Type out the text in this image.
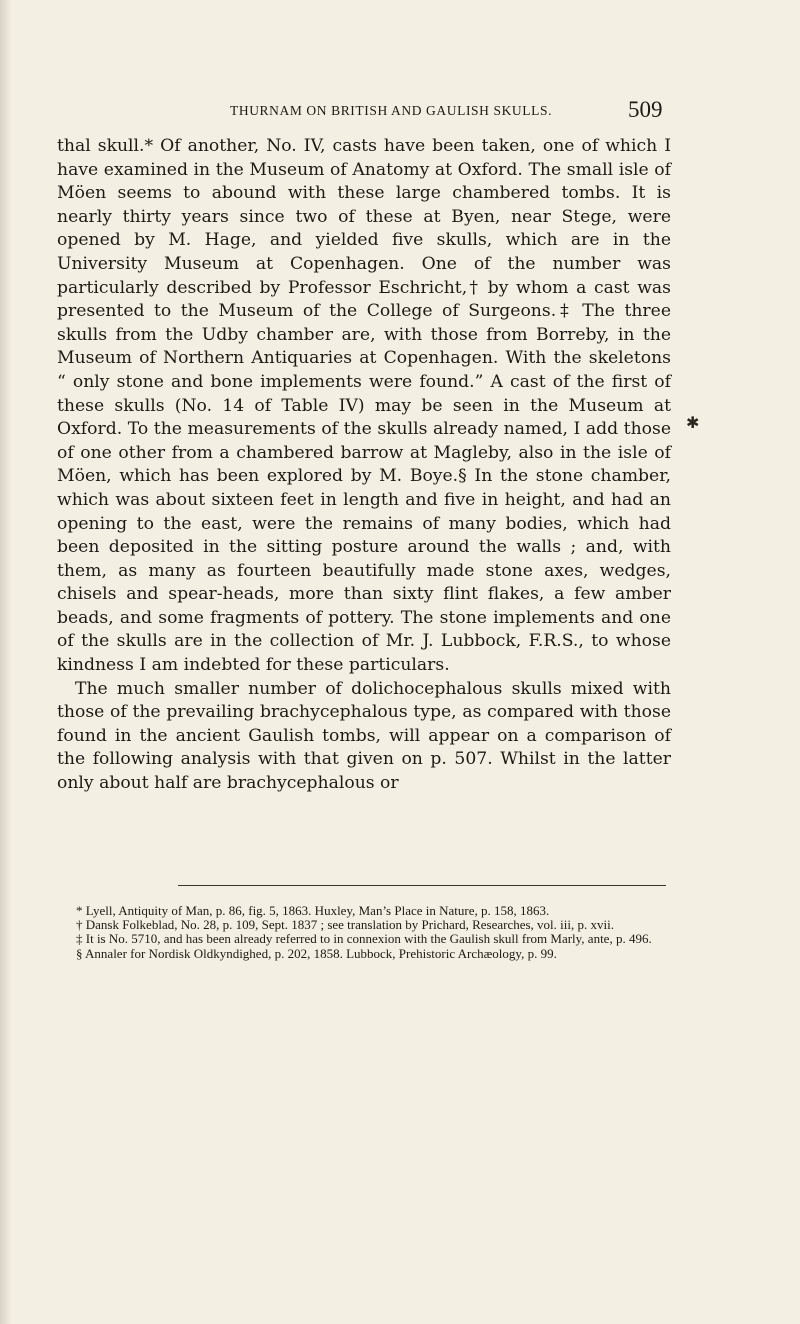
THURNAM ON BRITISH AND GAULISH SKULLS.	509
✱

thal skull.* Of another, No. IV, casts have been taken, one of which I have examined in the Museum of Anatomy at Oxford. The small isle of Möen seems to abound with these large chambered tombs. It is nearly thirty years since two of these at Byen, near Stege, were opened by M. Hage, and yielded five skulls, which are in the University Museum at Copenhagen. One of the number was particularly described by Professor Eschricht,† by whom a cast was presented to the Museum of the College of Surgeons.‡ The three skulls from the Udby chamber are, with those from Borreby, in the Museum of Northern Antiquaries at Copenhagen. With the skeletons “ only stone and bone implements were found.” A cast of the first of these skulls (No. 14 of Table IV) may be seen in the Museum at Oxford. To the measurements of the skulls already named, I add those of one other from a chambered barrow at Magleby, also in the isle of Möen, which has been explored by M. Boye.§ In the stone chamber, which was about sixteen feet in length and five in height, and had an opening to the east, were the remains of many bodies, which had been deposited in the sitting posture around the walls ; and, with them, as many as fourteen beautifully made stone axes, wedges, chisels and spear-heads, more than sixty flint flakes, a few amber beads, and some fragments of pottery. The stone implements and one of the skulls are in the collection of Mr. J. Lubbock, F.R.S., to whose kindness I am indebted for these particulars.

The much smaller number of dolichocephalous skulls mixed with those of the prevailing brachycephalous type, as compared with those found in the ancient Gaulish tombs, will appear on a comparison of the following analysis with that given on p. 507. Whilst in the latter only about half are brachycephalous or

* Lyell, Antiquity of Man, p. 86, fig. 5, 1863. Huxley, Man’s Place in Nature, p. 158, 1863.

† Dansk Folkeblad, No. 28, p. 109, Sept. 1837 ; see translation by Prichard, Researches, vol. iii, p. xvii.

‡ It is No. 5710, and has been already referred to in connexion with the Gaulish skull from Marly, ante, p. 496.

§ Annaler for Nordisk Oldkyndighed, p. 202, 1858. Lubbock, Prehistoric Archæology, p. 99.
